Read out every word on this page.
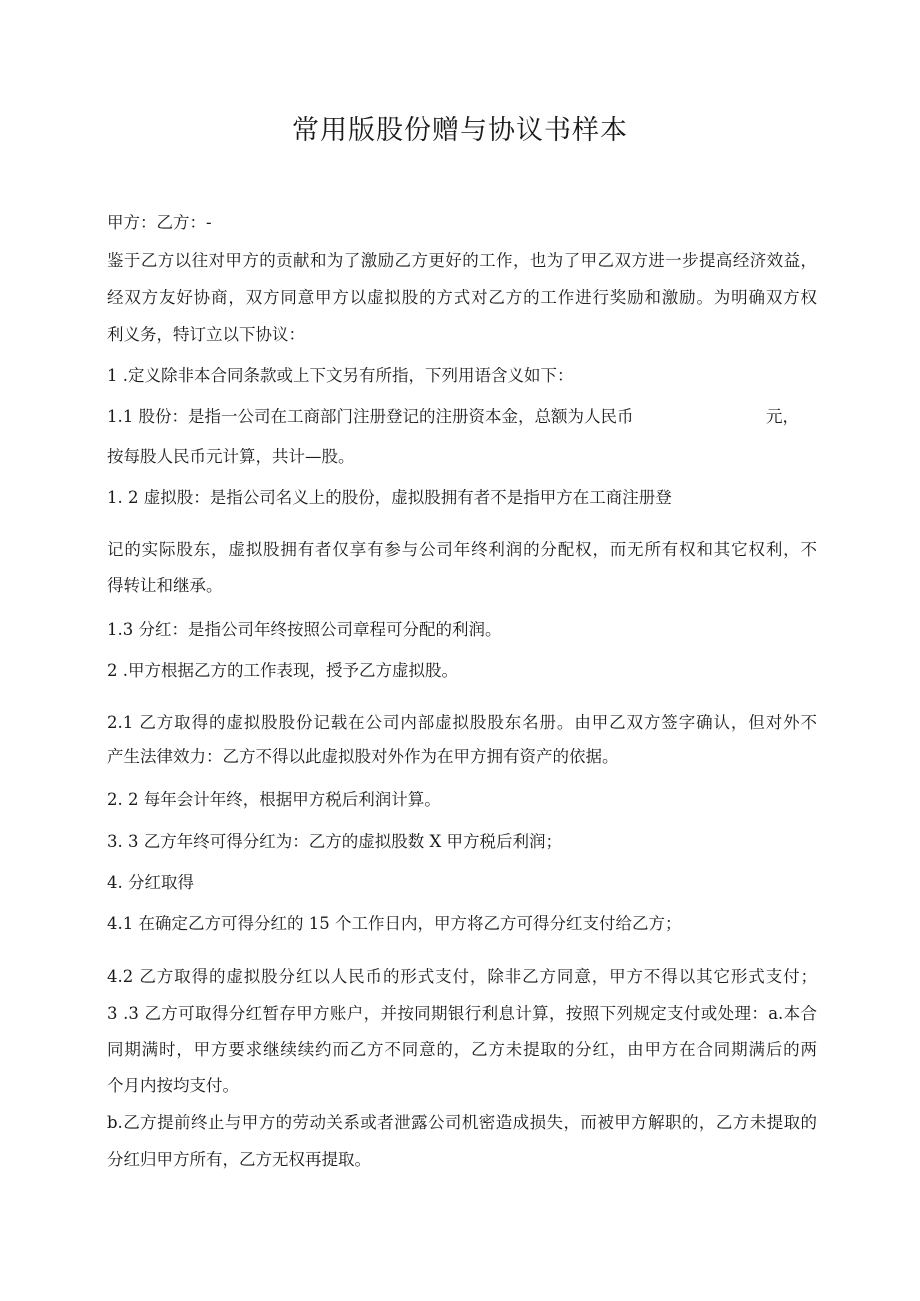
常用版股份赠与协议书样本
甲方：乙方：-
鉴于乙方以往对甲方的贡献和为了激励乙方更好的工作，也为了甲乙双方进一步提高经济效益，
经双方友好协商，双方同意甲方以虚拟股的方式对乙方的工作进行奖励和激励。为明确双方权
利义务，特订立以下协议：
1 .定义除非本合同条款或上下文另有所指，下列用语含义如下：
1.1 股份：是指一公司在工商部门注册登记的注册资本金，总额为人民币	元，
按每股人民币元计算，共计—股。
1. 2 虚拟股：是指公司名义上的股份，虚拟股拥有者不是指甲方在工商注册登
记的实际股东，虚拟股拥有者仅享有参与公司年终利润的分配权，而无所有权和其它权利，不
得转让和继承。
1.3 分红：是指公司年终按照公司章程可分配的利润。
2 .甲方根据乙方的工作表现，授予乙方虚拟股。
2.1 乙方取得的虚拟股股份记载在公司内部虚拟股股东名册。由甲乙双方签字确认，但对外不
产生法律效力：乙方不得以此虚拟股对外作为在甲方拥有资产的依据。
2. 2 每年会计年终，根据甲方税后利润计算。
3. 3 乙方年终可得分红为：乙方的虚拟股数 X 甲方税后利润；
4. 分红取得
4.1 在确定乙方可得分红的 15 个工作日内，甲方将乙方可得分红支付给乙方；
4.2 乙方取得的虚拟股分红以人民币的形式支付，除非乙方同意，甲方不得以其它形式支付；
3 .3 乙方可取得分红暂存甲方账户，并按同期银行利息计算，按照下列规定支付或处理：a.本合
同期满时，甲方要求继续续约而乙方不同意的，乙方未提取的分红，由甲方在合同期满后的两
个月内按均支付。
b.乙方提前终止与甲方的劳动关系或者泄露公司机密造成损失，而被甲方解职的，乙方未提取的
分红归甲方所有，乙方无权再提取。
